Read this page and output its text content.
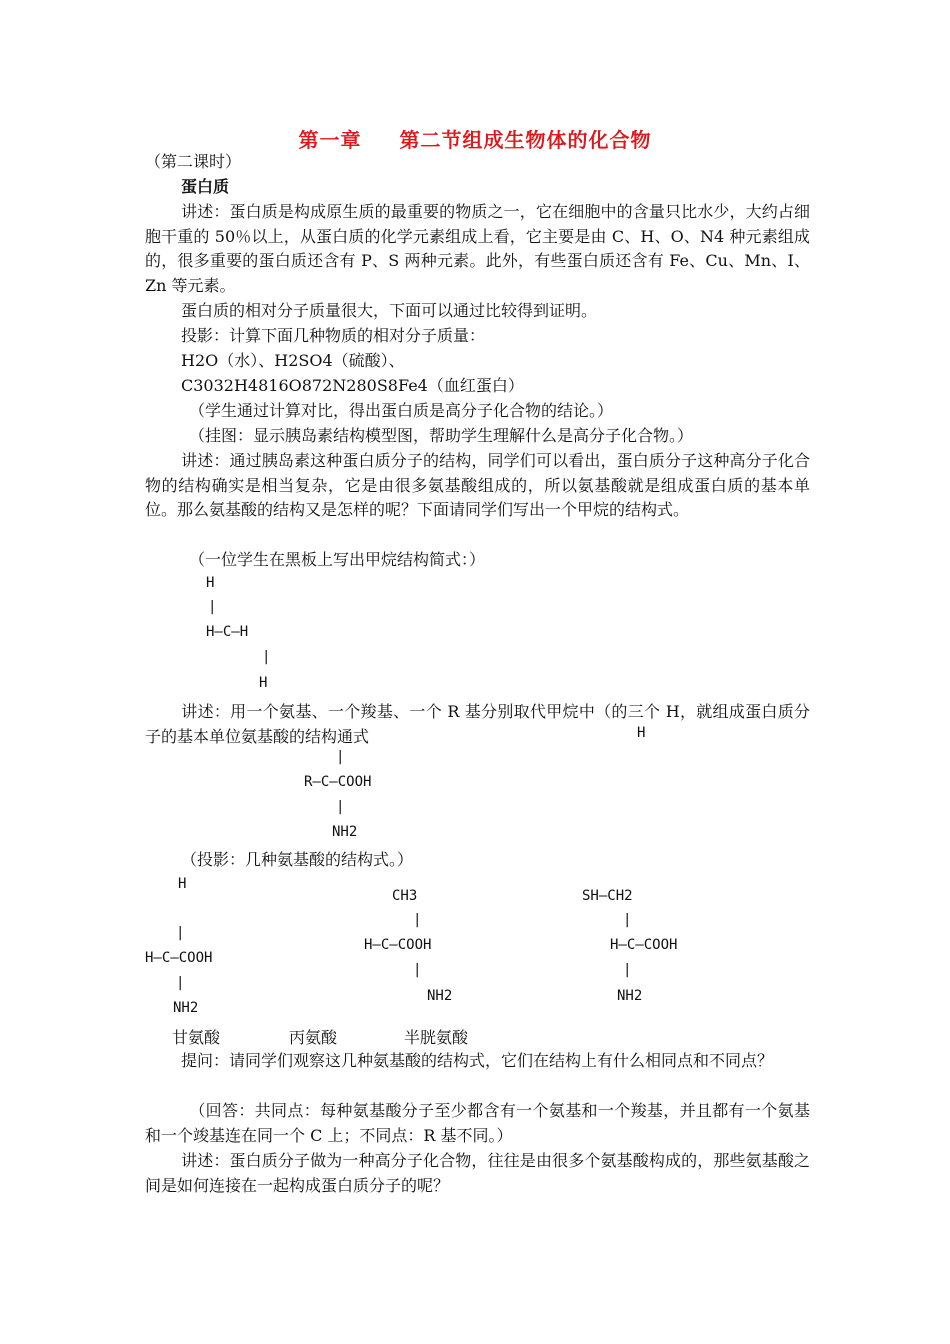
第一章 第二节组成生物体的化合物
（第二课时）
蛋白质
讲述：蛋白质是构成原生质的最重要的物质之一，它在细胞中的含量只比水少，大约占细胞干重的 50％以上，从蛋白质的化学元素组成上看，它主要是由 C、H、O、N4 种元素组成的，很多重要的蛋白质还含有 P、S 两种元素。此外，有些蛋白质还含有 Fe、Cu、Mn、I、Zn 等元素。
蛋白质的相对分子质量很大，下面可以通过比较得到证明。
投影：计算下面几种物质的相对分子质量：
H2O（水）、H2SO4（硫酸）、
C3032H4816O872N280S8Fe4（血红蛋白）
（学生通过计算对比，得出蛋白质是高分子化合物的结论。）
（挂图：显示胰岛素结构模型图，帮助学生理解什么是高分子化合物。）
讲述：通过胰岛素这种蛋白质分子的结构，同学们可以看出，蛋白质分子这种高分子化合物的结构确实是相当复杂，它是由很多氨基酸组成的，所以氨基酸就是组成蛋白质的基本单位。那么氨基酸的结构又是怎样的呢？下面请同学们写出一个甲烷的结构式。
（一位学生在黑板上写出甲烷结构简式：）
H
|
H—C—H
|
H
讲述：用一个氨基、一个羧基、一个 R 基分别取代甲烷中（的三个 H，就组成蛋白质分子的基本单位氨基酸的结构通式	H
|
R—C—COOH
|
NH2
（投影：几种氨基酸的结构式。）
H
|
H—C—COOH
|
NH2
CH3
|
H—C—COOH
|
NH2
SH—CH2
|
H—C—COOH
|
NH2
甘氨酸	丙氨酸	半胱氨酸
提问：请同学们观察这几种氨基酸的结构式，它们在结构上有什么相同点和不同点？
（回答：共同点：每种氨基酸分子至少都含有一个氨基和一个羧基，并且都有一个氨基和一个竣基连在同一个 C 上；不同点：R 基不同。）
讲述：蛋白质分子做为一种高分子化合物，往往是由很多个氨基酸构成的，那些氨基酸之间是如何连接在一起构成蛋白质分子的呢？
